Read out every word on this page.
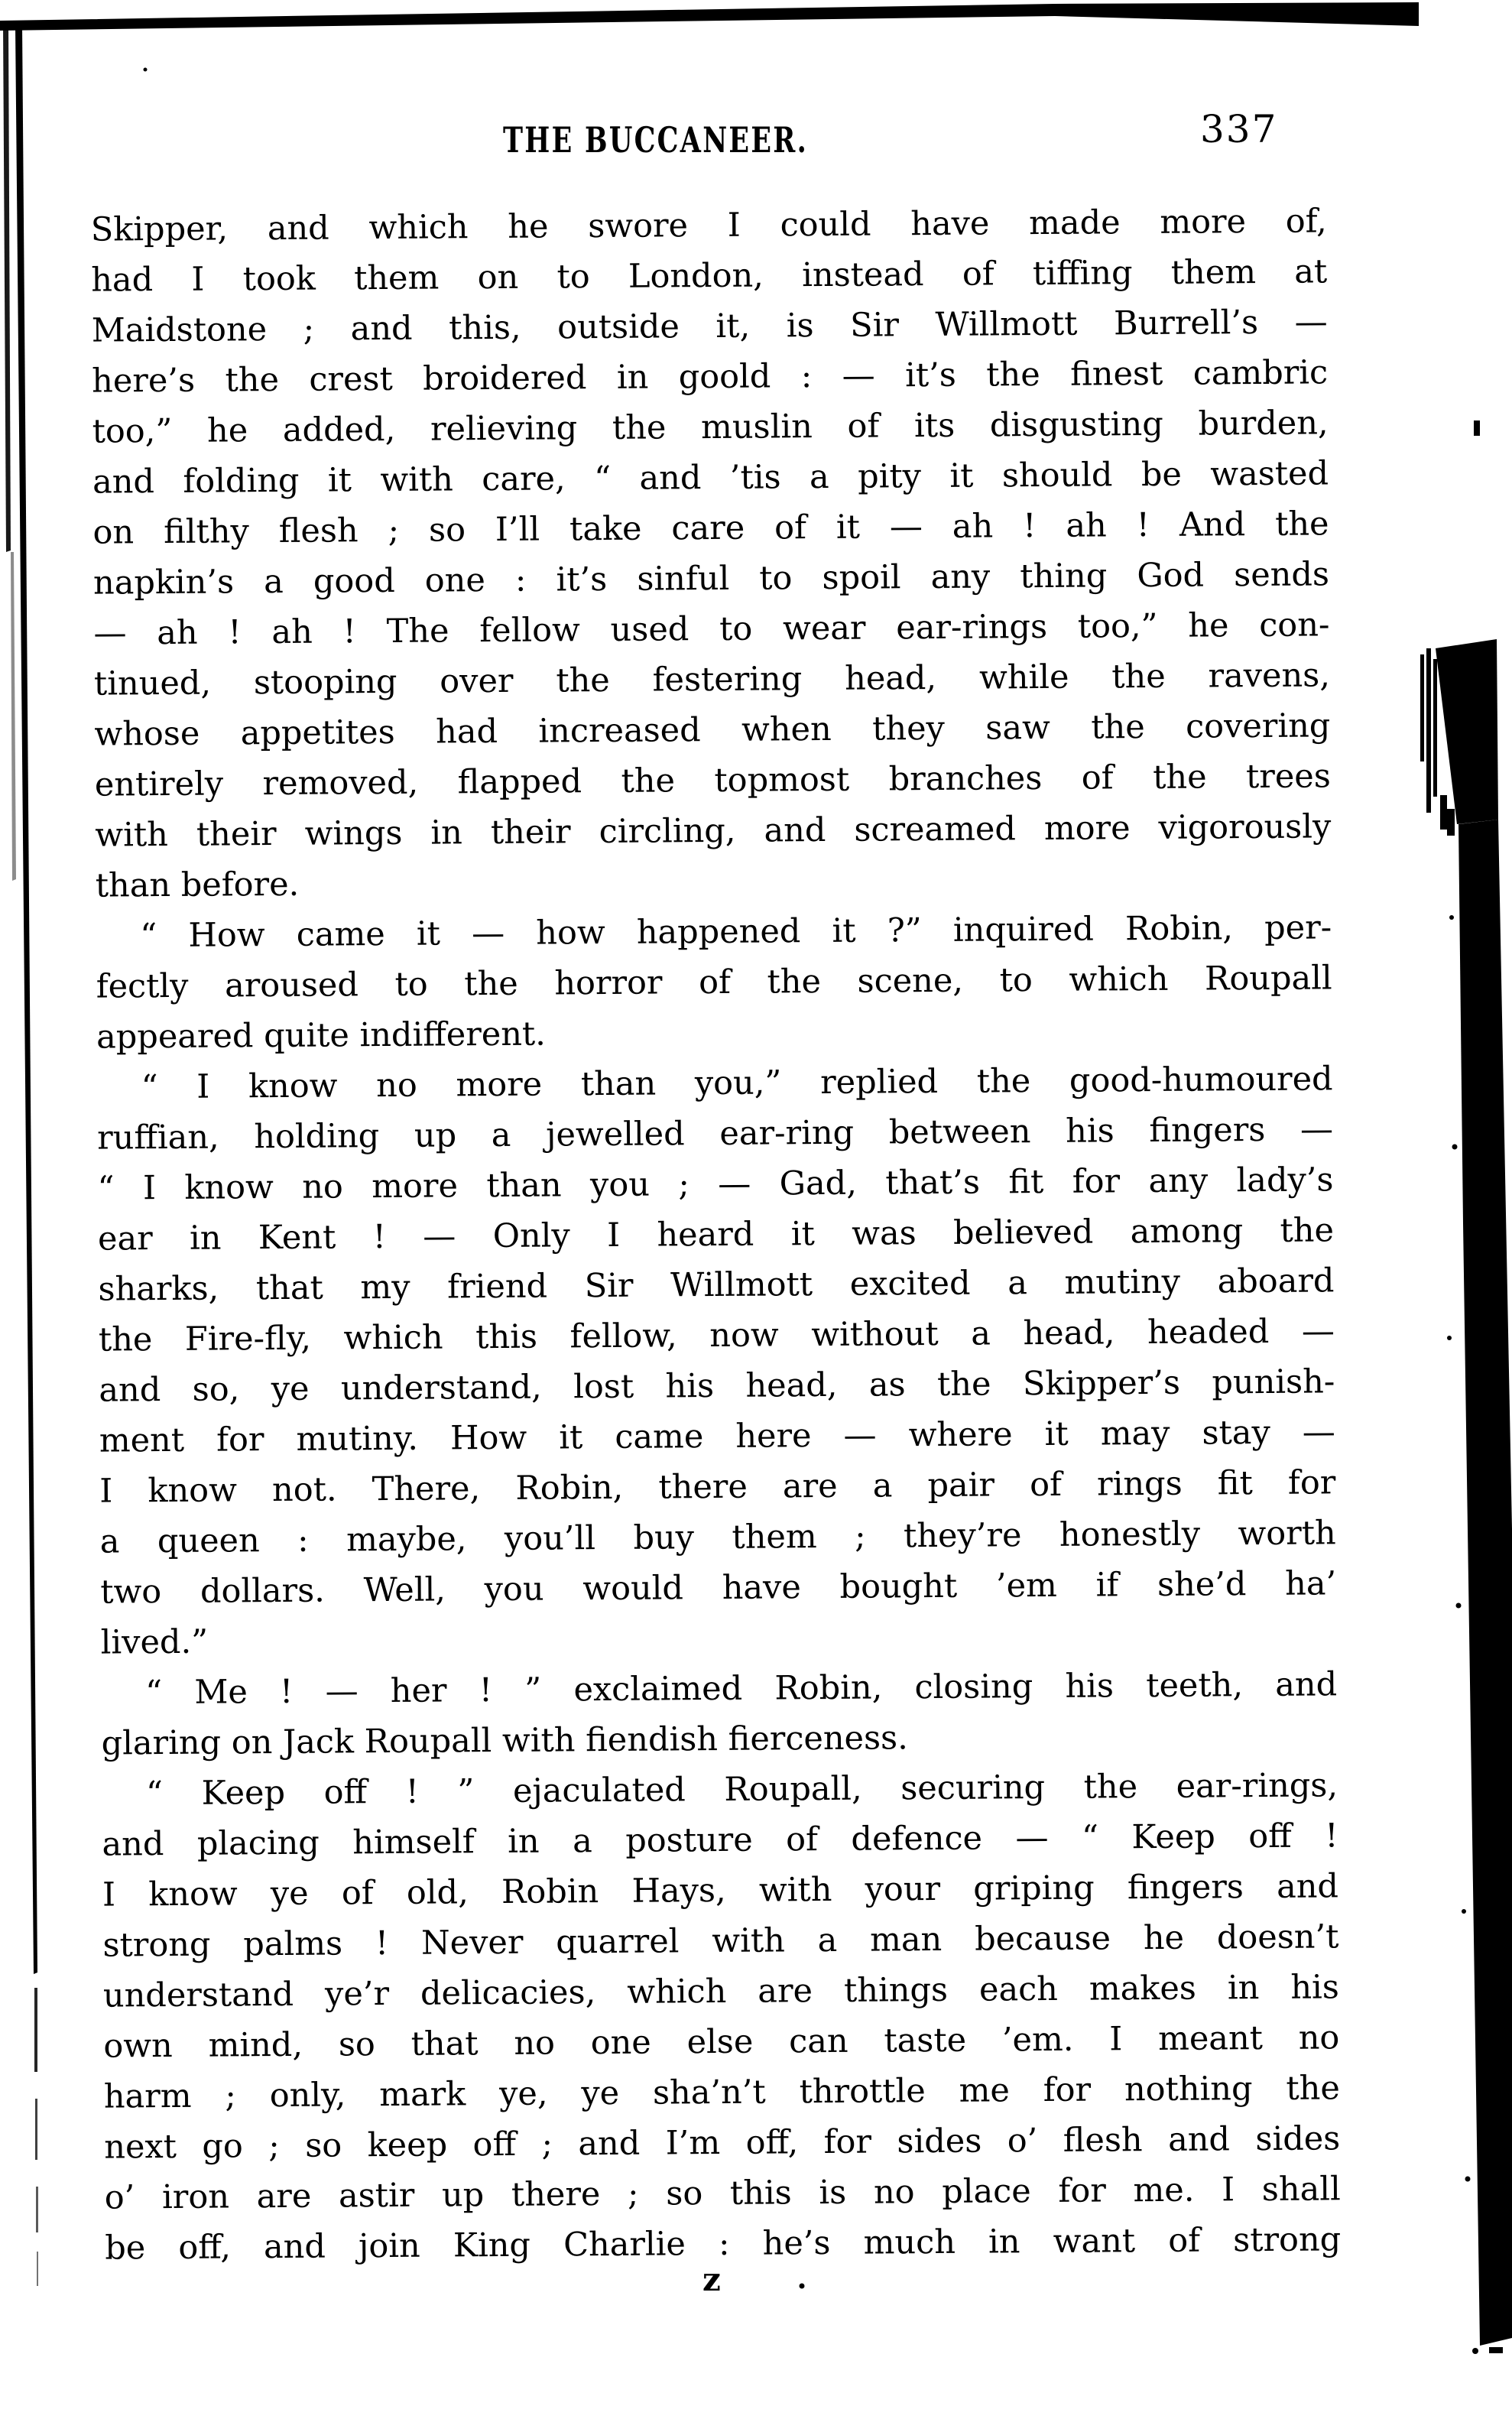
THE BUCCANEER.	337
Skipper, and which he swore I could have made more of,
had I took them on to London, instead of tiffing them at
Maidstone ; and this, outside it, is Sir Willmott Burrell’s —
here’s the crest broidered in goold : — it’s the finest cambric
too,” he added, relieving the muslin of its disgusting burden,
and folding it with care, “ and ’tis a pity it should be wasted
on filthy flesh ; so I’ll take care of it — ah ! ah ! And the
napkin’s a good one : it’s sinful to spoil any thing God sends
— ah ! ah ! The fellow used to wear ear-rings too,” he con-
tinued, stooping over the festering head, while the ravens,
whose appetites had increased when they saw the covering
entirely removed, flapped the topmost branches of the trees
with their wings in their circling, and screamed more vigorously
than before.
“ How came it — how happened it ?” inquired Robin, per-
fectly aroused to the horror of the scene, to which Roupall
appeared quite indifferent.
“ I know no more than you,” replied the good-humoured
ruffian, holding up a jewelled ear-ring between his fingers —
“ I know no more than you ; — Gad, that’s fit for any lady’s
ear in Kent ! — Only I heard it was believed among the
sharks, that my friend Sir Willmott excited a mutiny aboard
the Fire-fly, which this fellow, now without a head, headed —
and so, ye understand, lost his head, as the Skipper’s punish-
ment for mutiny. How it came here — where it may stay —
I know not. There, Robin, there are a pair of rings fit for
a queen : maybe, you’ll buy them ; they’re honestly worth
two dollars. Well, you would have bought ’em if she’d ha’
lived.”
“ Me ! — her ! ” exclaimed Robin, closing his teeth, and
glaring on Jack Roupall with fiendish fierceness.
“ Keep off ! ” ejaculated Roupall, securing the ear-rings,
and placing himself in a posture of defence — “ Keep off !
I know ye of old, Robin Hays, with your griping fingers and
strong palms ! Never quarrel with a man because he doesn’t
understand ye’r delicacies, which are things each makes in his
own mind, so that no one else can taste ’em. I meant no
harm ; only, mark ye, ye sha’n’t throttle me for nothing the
next go ; so keep off ; and I’m off, for sides o’ flesh and sides
o’ iron are astir up there ; so this is no place for me. I shall
be off, and join King Charlie : he’s much in want of strong
z
